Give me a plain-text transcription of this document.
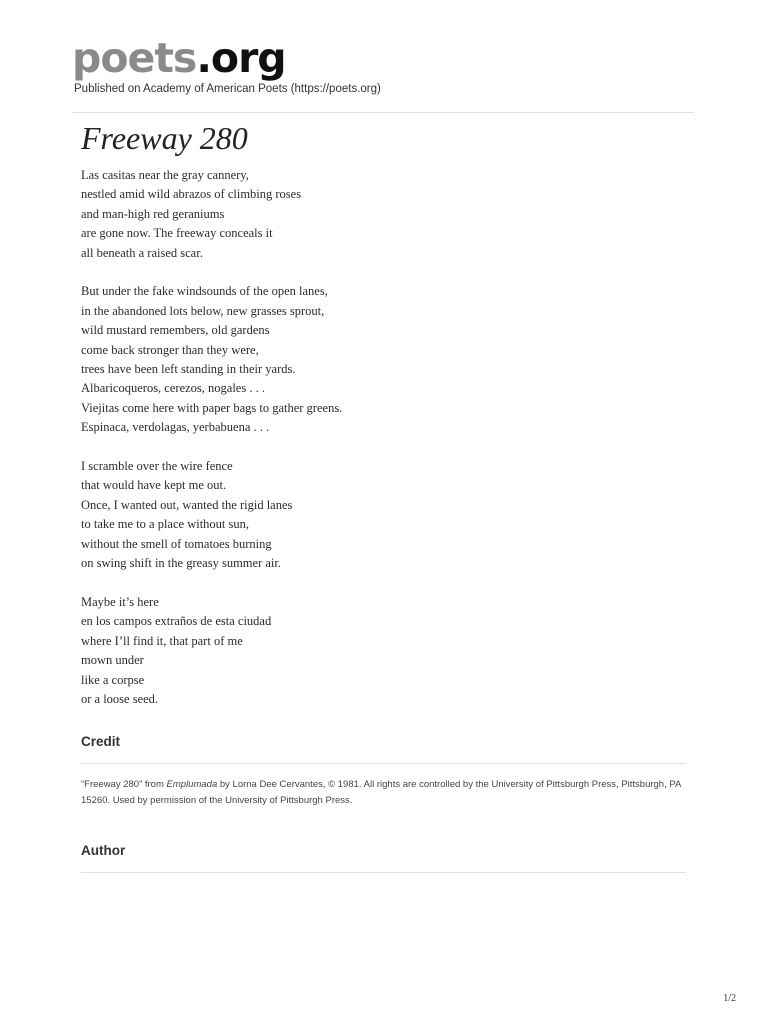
poets.org
Published on Academy of American Poets (https://poets.org)
Freeway 280
Las casitas near the gray cannery,
nestled amid wild abrazos of climbing roses
and man-high red geraniums
are gone now. The freeway conceals it
all beneath a raised scar.
But under the fake windsounds of the open lanes,
in the abandoned lots below, new grasses sprout,
wild mustard remembers, old gardens
come back stronger than they were,
trees have been left standing in their yards.
Albaricoqueros, cerezos, nogales . . .
Viejitas come here with paper bags to gather greens.
Espinaca, verdolagas, yerbabuena . . .
I scramble over the wire fence
that would have kept me out.
Once, I wanted out, wanted the rigid lanes
to take me to a place without sun,
without the smell of tomatoes burning
on swing shift in the greasy summer air.
Maybe it’s here
en los campos extraños de esta ciudad
where I’ll find it, that part of me
mown under
like a corpse
or a loose seed.
Credit
“Freeway 280” from Emplumada by Lorna Dee Cervantes, © 1981. All rights are controlled by the University of Pittsburgh Press, Pittsburgh, PA 15260. Used by permission of the University of Pittsburgh Press.
Author
1/2
